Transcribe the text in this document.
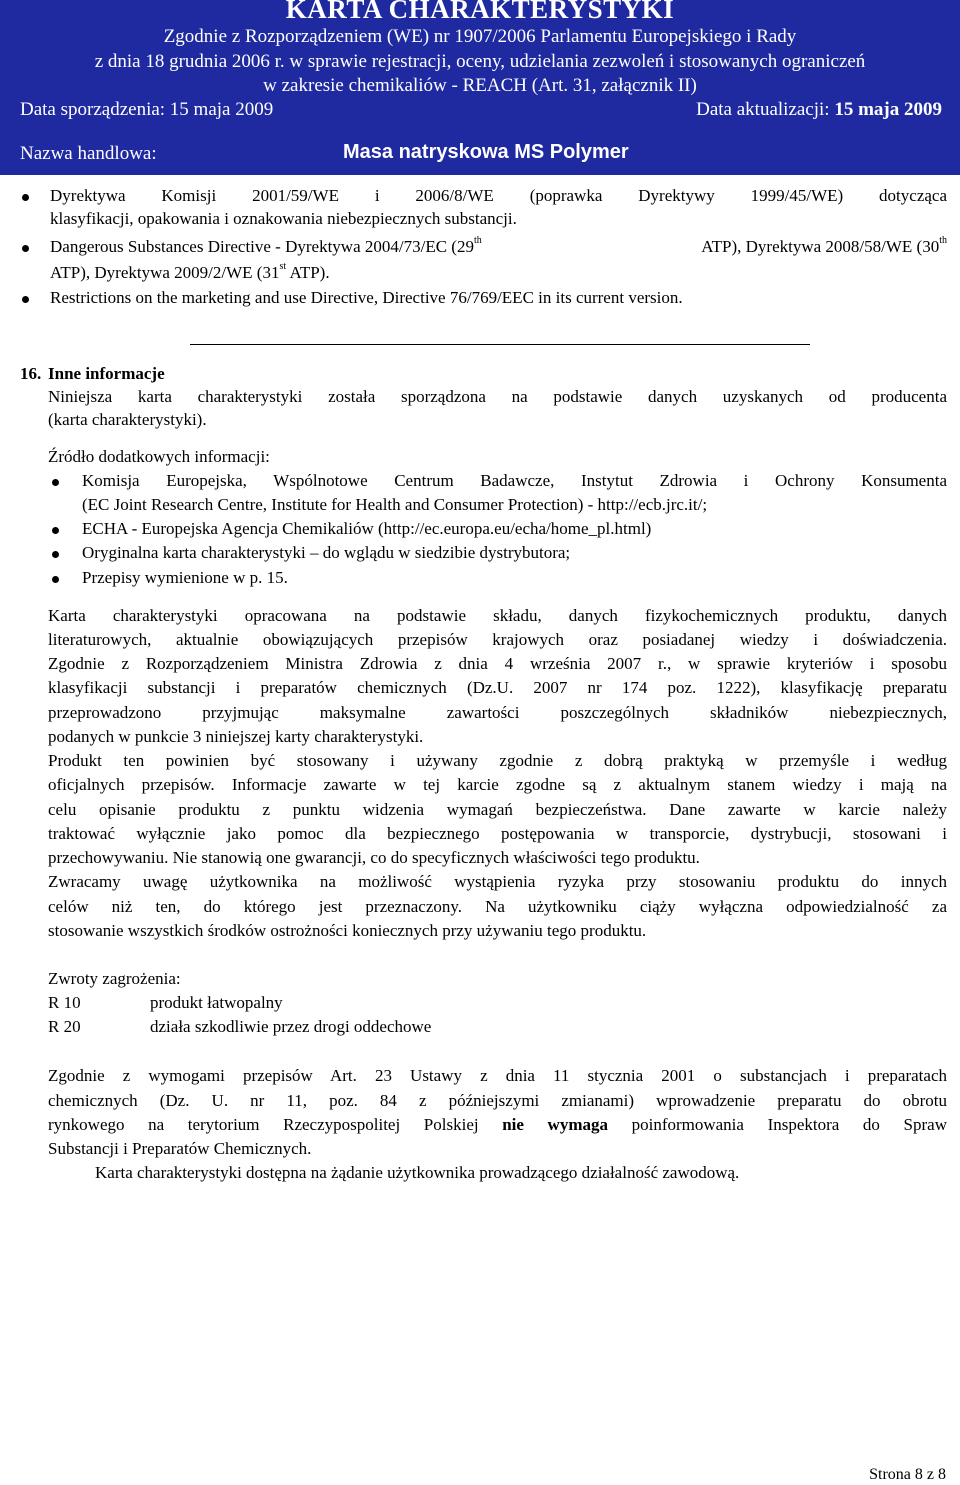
KARTA CHARAKTERYSTYKI
Zgodnie z Rozporządzeniem (WE) nr 1907/2006 Parlamentu Europejskiego i Rady
z dnia 18 grudnia 2006 r. w sprawie rejestracji, oceny, udzielania zezwoleń i stosowanych ograniczeń
w zakresie chemikaliów - REACH (Art. 31, załącznik II)
Data sporządzenia: 15 maja 2009	Data aktualizacji: 15 maja 2009
Nazwa handlowa:	Masa natryskowa MS Polymer
Dyrektywa Komisji 2001/59/WE i 2006/8/WE (poprawka Dyrektywy 1999/45/WE) dotycząca
klasyfikacji, opakowania i oznakowania niebezpiecznych substancji.
Dangerous Substances Directive - Dyrektywa 2004/73/EC (29th	ATP), Dyrektywa 2008/58/WE (30th
ATP), Dyrektywa 2009/2/WE (31st ATP).
Restrictions on the marketing and use Directive, Directive 76/769/EEC in its current version.
16. Inne informacje
Niniejsza karta charakterystyki została sporządzona na podstawie danych uzyskanych od producenta
(karta charakterystyki).
Źródło dodatkowych informacji:
Komisja Europejska, Wspólnotowe Centrum Badawcze, Instytut Zdrowia i Ochrony Konsumenta
(EC Joint Research Centre, Institute for Health and Consumer Protection) - http://ecb.jrc.it/;
ECHA - Europejska Agencja Chemikaliów (http://ec.europa.eu/echa/home_pl.html)
Oryginalna karta charakterystyki – do wglądu w siedzibie dystrybutora;
Przepisy wymienione w p. 15.
Karta charakterystyki opracowana na podstawie składu, danych fizykochemicznych produktu, danych
literaturowych, aktualnie obowiązujących przepisów krajowych oraz posiadanej wiedzy i doświadczenia.
Zgodnie z Rozporządzeniem Ministra Zdrowia z dnia 4 września 2007 r., w sprawie kryteriów i sposobu
klasyfikacji substancji i preparatów chemicznych (Dz.U. 2007 nr 174 poz. 1222), klasyfikację preparatu
przeprowadzono przyjmując maksymalne zawartości poszczególnych składników niebezpiecznych,
podanych w punkcie 3 niniejszej karty charakterystyki.
Produkt ten powinien być stosowany i używany zgodnie z dobrą praktyką w przemyśle i według
oficjalnych przepisów. Informacje zawarte w tej karcie zgodne są z aktualnym stanem wiedzy i mają na
celu opisanie produktu z punktu widzenia wymagań bezpieczeństwa. Dane zawarte w karcie należy
traktować wyłącznie jako pomoc dla bezpiecznego postępowania w transporcie, dystrybucji, stosowani i
przechowywaniu. Nie stanowią one gwarancji, co do specyficznych właściwości tego produktu.
Zwracamy uwagę użytkownika na możliwość wystąpienia ryzyka przy stosowaniu produktu do innych
celów niż ten, do którego jest przeznaczony. Na użytkowniku ciąży wyłączna odpowiedzialność za
stosowanie wszystkich środków ostrożności koniecznych przy używaniu tego produktu.
Zwroty zagrożenia:
R 10	produkt łatwopalny
R 20	działa szkodliwie przez drogi oddechowe
Zgodnie z wymogami przepisów Art. 23 Ustawy z dnia 11 stycznia 2001 o substancjach i preparatach
chemicznych (Dz. U. nr 11, poz. 84 z późniejszymi zmianami) wprowadzenie preparatu do obrotu
rynkowego na terytorium Rzeczypospolitej Polskiej nie wymaga poinformowania Inspektora do Spraw
Substancji i Preparatów Chemicznych.
Karta charakterystyki dostępna na żądanie użytkownika prowadzącego działalność zawodową.
Strona 8 z 8
